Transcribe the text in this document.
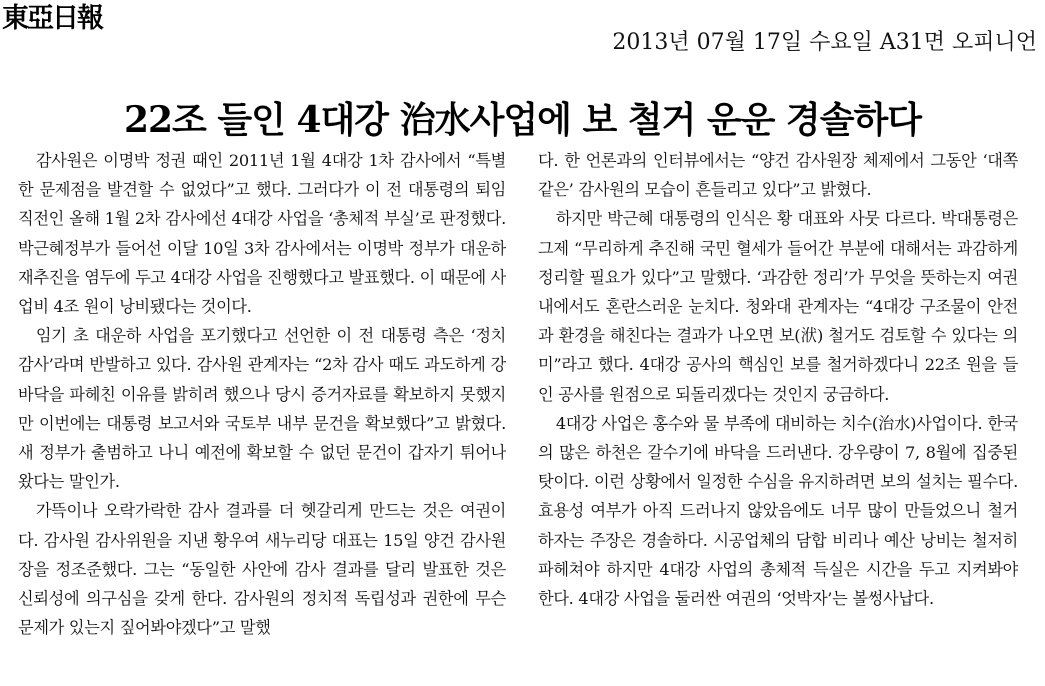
東亞日報
2013년 07월 17일 수요일 A31면 오피니언
22조 들인 4대강 治水사업에 보 철거 운운 경솔하다

감사원은 이명박 정권 때인 2011년 1월 4대강 1차 감사에서 “특별한 문제점을 발견할 수 없었다”고 했다. 그러다가 이 전 대통령의 퇴임 직전인 올해 1월 2차 감사에선 4대강 사업을 ‘총체적 부실’로 판정했다. 박근혜정부가 들어선 이달 10일 3차 감사에서는 이명박 정부가 대운하 재추진을 염두에 두고 4대강 사업을 진행했다고 발표했다. 이 때문에 사업비 4조 원이 낭비됐다는 것이다.

임기 초 대운하 사업을 포기했다고 선언한 이 전 대통령 측은 ‘정치 감사’라며 반발하고 있다. 감사원 관계자는 “2차 감사 때도 과도하게 강바닥을 파헤친 이유를 밝히려 했으나 당시 증거자료를 확보하지 못했지만 이번에는 대통령 보고서와 국토부 내부 문건을 확보했다”고 밝혔다. 새 정부가 출범하고 나니 예전에 확보할 수 없던 문건이 갑자기 튀어나왔다는 말인가.

가뜩이나 오락가락한 감사 결과를 더 헷갈리게 만드는 것은 여권이다. 감사원 감사위원을 지낸 황우여 새누리당 대표는 15일 양건 감사원장을 정조준했다. 그는 “동일한 사안에 감사 결과를 달리 발표한 것은 신뢰성에 의구심을 갖게 한다. 감사원의 정치적 독립성과 권한에 무슨 문제가 있는지 짚어봐야겠다”고 말했

다. 한 언론과의 인터뷰에서는 “양건 감사원장 체제에서 그동안 ‘대쪽 같은’ 감사원의 모습이 흔들리고 있다”고 밝혔다.

하지만 박근혜 대통령의 인식은 황 대표와 사뭇 다르다. 박대통령은 그제 “무리하게 추진해 국민 혈세가 들어간 부분에 대해서는 과감하게 정리할 필요가 있다”고 말했다. ‘과감한 정리’가 무엇을 뜻하는지 여권 내에서도 혼란스러운 눈치다. 청와대 관계자는 “4대강 구조물이 안전과 환경을 해친다는 결과가 나오면 보(洑) 철거도 검토할 수 있다는 의미”라고 했다. 4대강 공사의 핵심인 보를 철거하겠다니 22조 원을 들인 공사를 원점으로 되돌리겠다는 것인지 궁금하다.

4대강 사업은 홍수와 물 부족에 대비하는 치수(治水)사업이다. 한국의 많은 하천은 갈수기에 바닥을 드러낸다. 강우량이 7, 8월에 집중된 탓이다. 이런 상황에서 일정한 수심을 유지하려면 보의 설치는 필수다. 효용성 여부가 아직 드러나지 않았음에도 너무 많이 만들었으니 철거하자는 주장은 경솔하다. 시공업체의 담합 비리나 예산 낭비는 철저히 파헤쳐야 하지만 4대강 사업의 총체적 득실은 시간을 두고 지켜봐야 한다. 4대강 사업을 둘러싼 여권의 ‘엇박자’는 볼썽사납다.
